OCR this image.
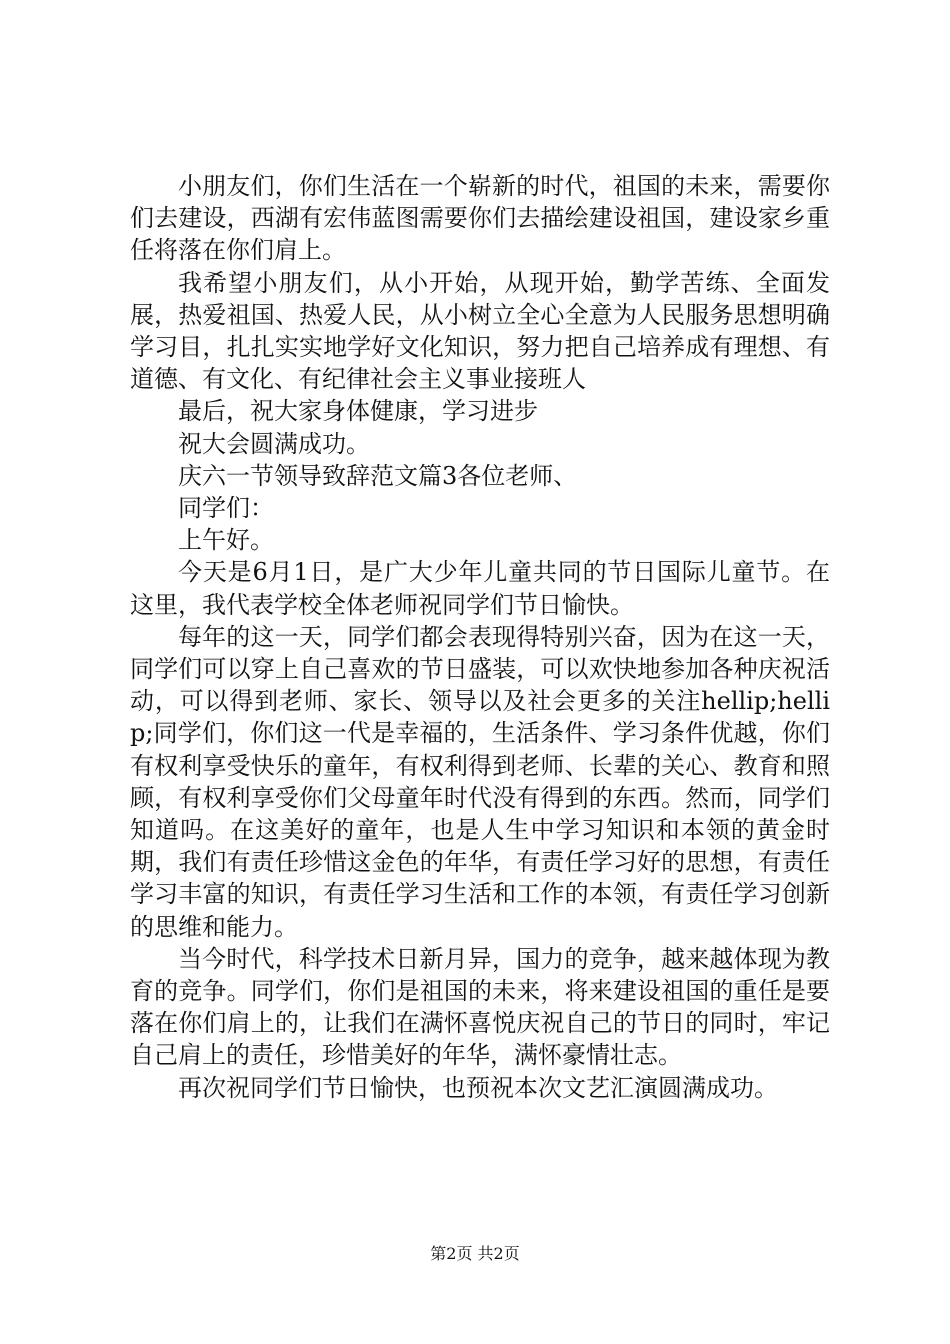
小朋友们，你们生活在一个崭新的时代，祖国的未来，需要你们去建设，西湖有宏伟蓝图需要你们去描绘建设祖国，建设家乡重任将落在你们肩上。

我希望小朋友们，从小开始，从现开始，勤学苦练、全面发展，热爱祖国、热爱人民，从小树立全心全意为人民服务思想明确学习目，扎扎实实地学好文化知识，努力把自己培养成有理想、有道德、有文化、有纪律社会主义事业接班人

最后，祝大家身体健康，学习进步

祝大会圆满成功。

庆六一节领导致辞范文篇3各位老师、

同学们：

上午好。

今天是6月1日，是广大少年儿童共同的节日国际儿童节。在这里，我代表学校全体老师祝同学们节日愉快。

每年的这一天，同学们都会表现得特别兴奋，因为在这一天，同学们可以穿上自己喜欢的节日盛装，可以欢快地参加各种庆祝活动，可以得到老师、家长、领导以及社会更多的关注hellip;hellip;同学们，你们这一代是幸福的，生活条件、学习条件优越，你们有权利享受快乐的童年，有权利得到老师、长辈的关心、教育和照顾，有权利享受你们父母童年时代没有得到的东西。然而，同学们知道吗。在这美好的童年，也是人生中学习知识和本领的黄金时期，我们有责任珍惜这金色的年华，有责任学习好的思想，有责任学习丰富的知识，有责任学习生活和工作的本领，有责任学习创新的思维和能力。

当今时代，科学技术日新月异，国力的竞争，越来越体现为教育的竞争。同学们，你们是祖国的未来，将来建设祖国的重任是要落在你们肩上的，让我们在满怀喜悦庆祝自己的节日的同时，牢记自己肩上的责任，珍惜美好的年华，满怀豪情壮志。

再次祝同学们节日愉快，也预祝本次文艺汇演圆满成功。

第2页 共2页
